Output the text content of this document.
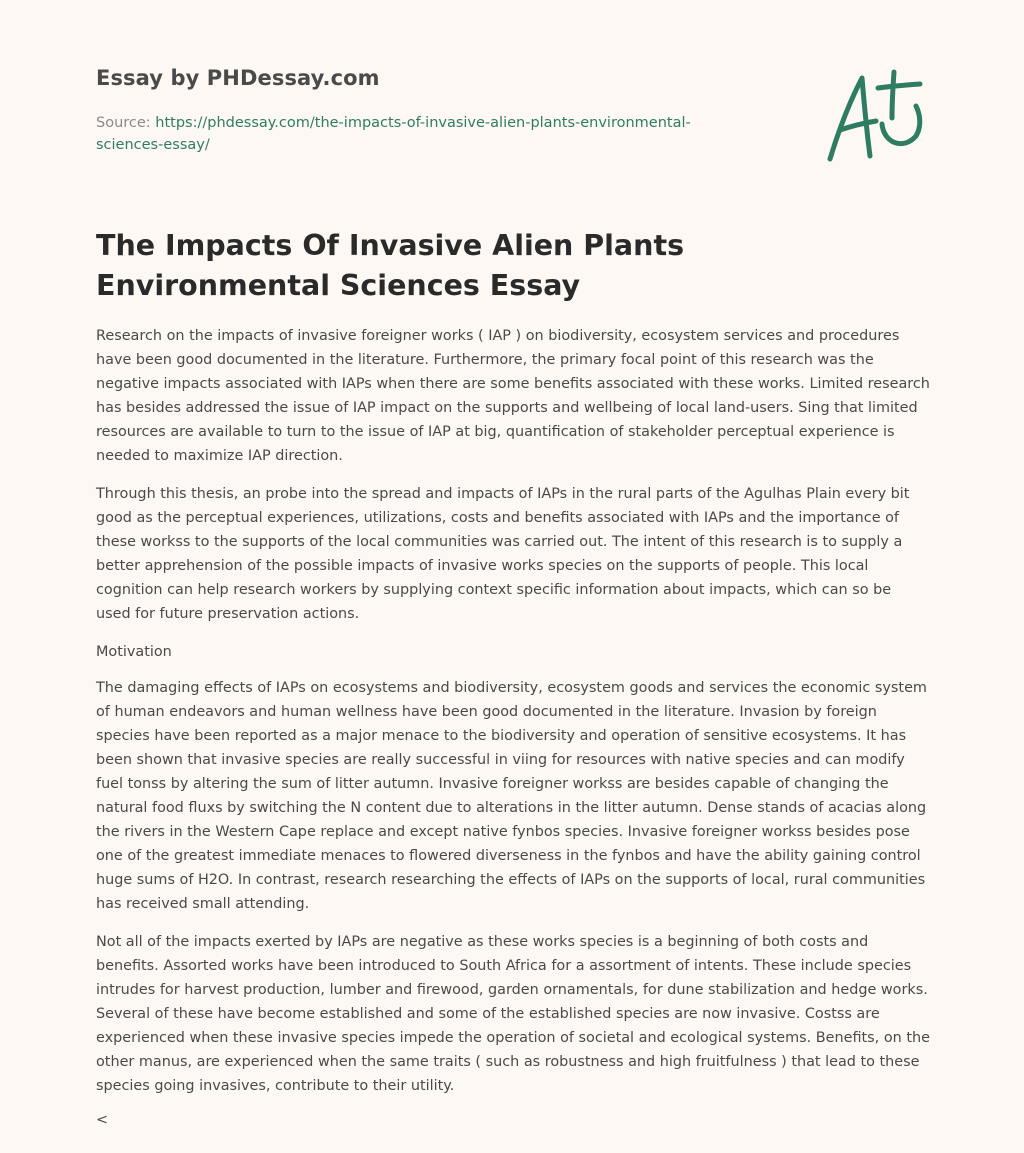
Essay by PHDessay.com
Source: https://phdessay.com/the-impacts-of-invasive-alien-plants-environmental-sciences-essay/
The Impacts Of Invasive Alien Plants Environmental Sciences Essay

Research on the impacts of invasive foreigner works ( IAP ) on biodiversity, ecosystem services and procedures have been good documented in the literature. Furthermore, the primary focal point of this research was the negative impacts associated with IAPs when there are some benefits associated with these works. Limited research has besides addressed the issue of IAP impact on the supports and wellbeing of local land-users. Sing that limited resources are available to turn to the issue of IAP at big, quantification of stakeholder perceptual experience is needed to maximize IAP direction.

Through this thesis, an probe into the spread and impacts of IAPs in the rural parts of the Agulhas Plain every bit good as the perceptual experiences, utilizations, costs and benefits associated with IAPs and the importance of these workss to the supports of the local communities was carried out. The intent of this research is to supply a better apprehension of the possible impacts of invasive works species on the supports of people. This local cognition can help research workers by supplying context specific information about impacts, which can so be used for future preservation actions.

Motivation

The damaging effects of IAPs on ecosystems and biodiversity, ecosystem goods and services the economic system of human endeavors and human wellness have been good documented in the literature. Invasion by foreign species have been reported as a major menace to the biodiversity and operation of sensitive ecosystems. It has been shown that invasive species are really successful in viing for resources with native species and can modify fuel tonss by altering the sum of litter autumn. Invasive foreigner workss are besides capable of changing the natural food fluxs by switching the N content due to alterations in the litter autumn. Dense stands of acacias along the rivers in the Western Cape replace and except native fynbos species. Invasive foreigner workss besides pose one of the greatest immediate menaces to flowered diverseness in the fynbos and have the ability gaining control huge sums of H2O. In contrast, research researching the effects of IAPs on the supports of local, rural communities has received small attending.

Not all of the impacts exerted by IAPs are negative as these works species is a beginning of both costs and benefits. Assorted works have been introduced to South Africa for a assortment of intents. These include species intrudes for harvest production, lumber and firewood, garden ornamentals, for dune stabilization and hedge works. Several of these have become established and some of the established species are now invasive. Costss are experienced when these invasive species impede the operation of societal and ecological systems. Benefits, on the other manus, are experienced when the same traits ( such as robustness and high fruitfulness ) that lead to these species going invasives, contribute to their utility.

<
